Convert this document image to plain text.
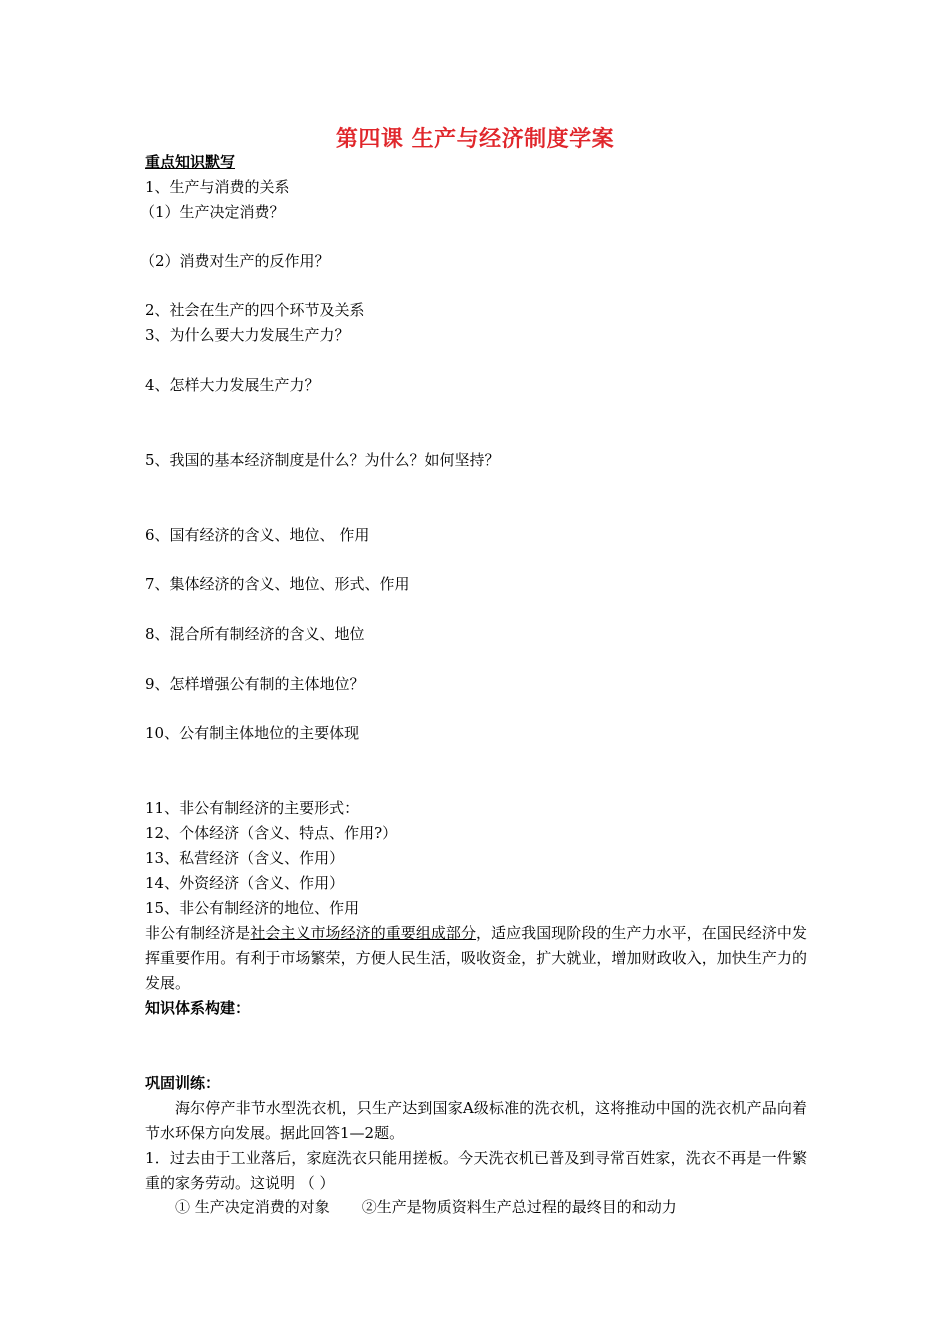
第四课 生产与经济制度学案
重点知识默写
1、生产与消费的关系
（1）生产决定消费？
（2）消费对生产的反作用？
2、社会在生产的四个环节及关系
3、为什么要大力发展生产力？
4、怎样大力发展生产力？
5、我国的基本经济制度是什么？为什么？如何坚持？
6、国有经济的含义、地位、 作用
7、集体经济的含义、地位、形式、作用
8、混合所有制经济的含义、地位
9、怎样增强公有制的主体地位？
10、公有制主体地位的主要体现
11、非公有制经济的主要形式：
12、个体经济（含义、特点、作用?）
13、私营经济（含义、作用）
14、外资经济（含义、作用）
15、非公有制经济的地位、作用
非公有制经济是社会主义市场经济的重要组成部分，适应我国现阶段的生产力水平，在国民经济中发挥重要作用。有利于市场繁荣，方便人民生活，吸收资金，扩大就业，增加财政收入，加快生产力的发展。
知识体系构建：
巩固训练：
海尔停产非节水型洗衣机，只生产达到国家A级标准的洗衣机，这将推动中国的洗衣机产品向着节水环保方向发展。据此回答1—2题。
1．过去由于工业落后，家庭洗衣只能用搓板。今天洗衣机已普及到寻常百姓家，洗衣不再是一件繁重的家务劳动。这说明 （ ）
① 生产决定消费的对象 ②生产是物质资料生产总过程的最终目的和动力
